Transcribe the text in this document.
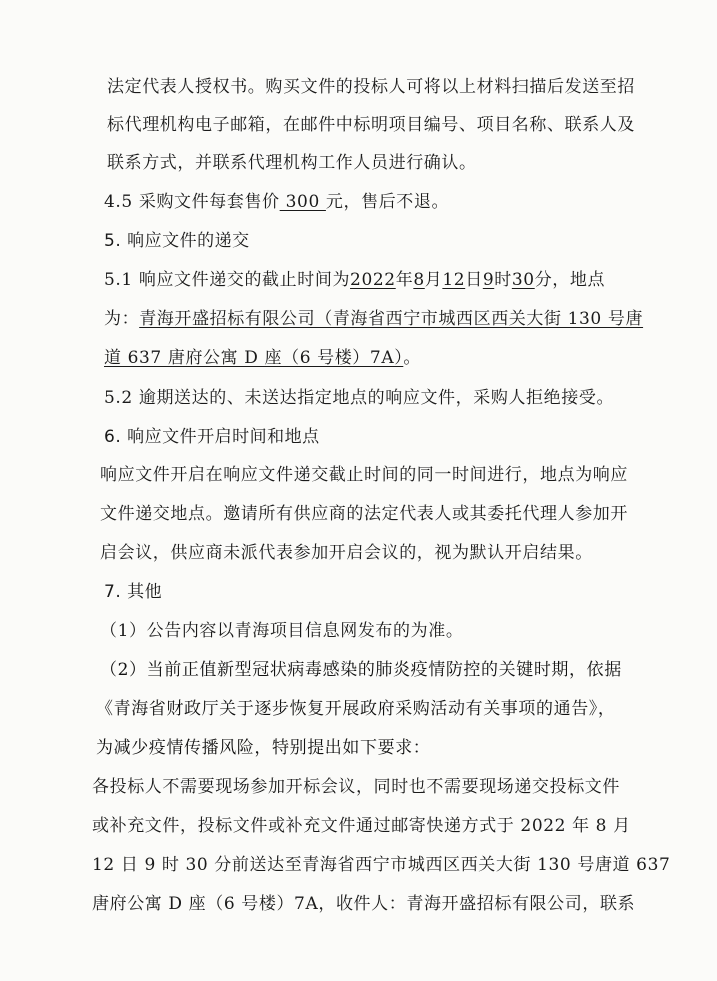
法定代表人授权书。购买文件的投标人可将以上材料扫描后发送至招
标代理机构电子邮箱，在邮件中标明项目编号、项目名称、联系人及
联系方式，并联系代理机构工作人员进行确认。
4.5 采购文件每套售价 300 元，售后不退。
5. 响应文件的递交
5.1 响应文件递交的截止时间为2022年8月12日9时30分，地点
为：青海开盛招标有限公司（青海省西宁市城西区西关大街 130 号唐
道 637 唐府公寓 D 座（6 号楼）7A）。
5.2 逾期送达的、未送达指定地点的响应文件，采购人拒绝接受。
6. 响应文件开启时间和地点
响应文件开启在响应文件递交截止时间的同一时间进行，地点为响应
文件递交地点。邀请所有供应商的法定代表人或其委托代理人参加开
启会议，供应商未派代表参加开启会议的，视为默认开启结果。
7. 其他
（1）公告内容以青海项目信息网发布的为准。
（2）当前正值新型冠状病毒感染的肺炎疫情防控的关键时期，依据
《青海省财政厅关于逐步恢复开展政府采购活动有关事项的通告》，
为减少疫情传播风险，特别提出如下要求：
各投标人不需要现场参加开标会议，同时也不需要现场递交投标文件
或补充文件，投标文件或补充文件通过邮寄快递方式于 2022 年 8 月
12 日 9 时 30 分前送达至青海省西宁市城西区西关大街 130 号唐道 637
唐府公寓 D 座（6 号楼）7A，收件人：青海开盛招标有限公司，联系
